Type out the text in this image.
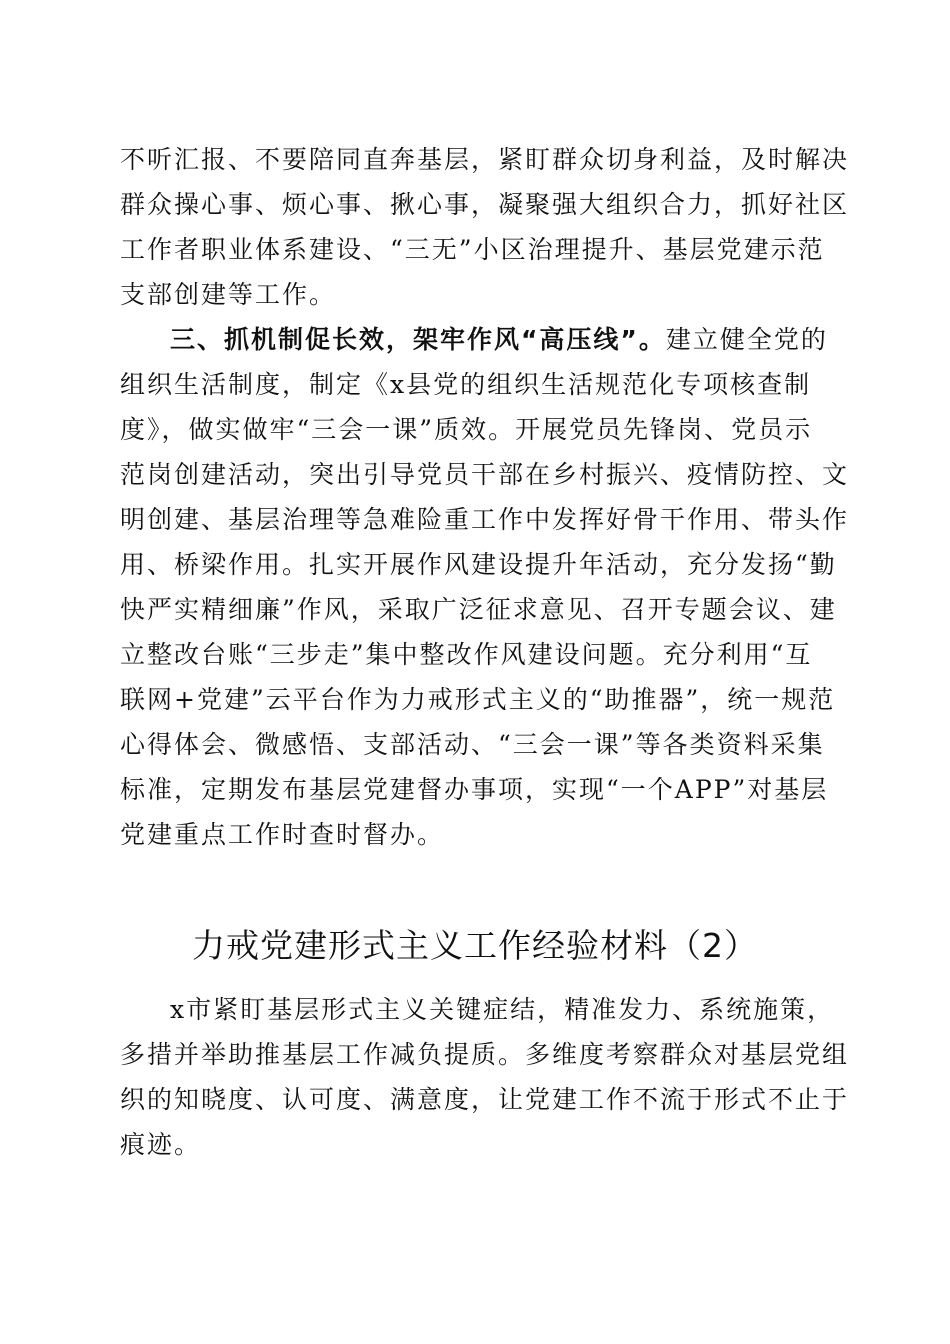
不听汇报、不要陪同直奔基层，紧盯群众切身利益，及时解决

群众操心事、烦心事、揪心事，凝聚强大组织合力，抓好社区

工作者职业体系建设、“三无”小区治理提升、基层党建示范

支部创建等工作。

三、抓机制促长效，架牢作风“高压线”。建立健全党的

组织生活制度，制定《x县党的组织生活规范化专项核查制

度》，做实做牢“三会一课”质效。开展党员先锋岗、党员示

范岗创建活动，突出引导党员干部在乡村振兴、疫情防控、文

明创建、基层治理等急难险重工作中发挥好骨干作用、带头作

用、桥梁作用。扎实开展作风建设提升年活动，充分发扬“勤

快严实精细廉”作风，采取广泛征求意见、召开专题会议、建

立整改台账“三步走”集中整改作风建设问题。充分利用“互

联网+党建”云平台作为力戒形式主义的“助推器”，统一规范

心得体会、微感悟、支部活动、“三会一课”等各类资料采集

标准，定期发布基层党建督办事项，实现“一个APP”对基层

党建重点工作时查时督办。

力戒党建形式主义工作经验材料（2）

x市紧盯基层形式主义关键症结，精准发力、系统施策，

多措并举助推基层工作减负提质。多维度考察群众对基层党组

织的知晓度、认可度、满意度，让党建工作不流于形式不止于

痕迹。
